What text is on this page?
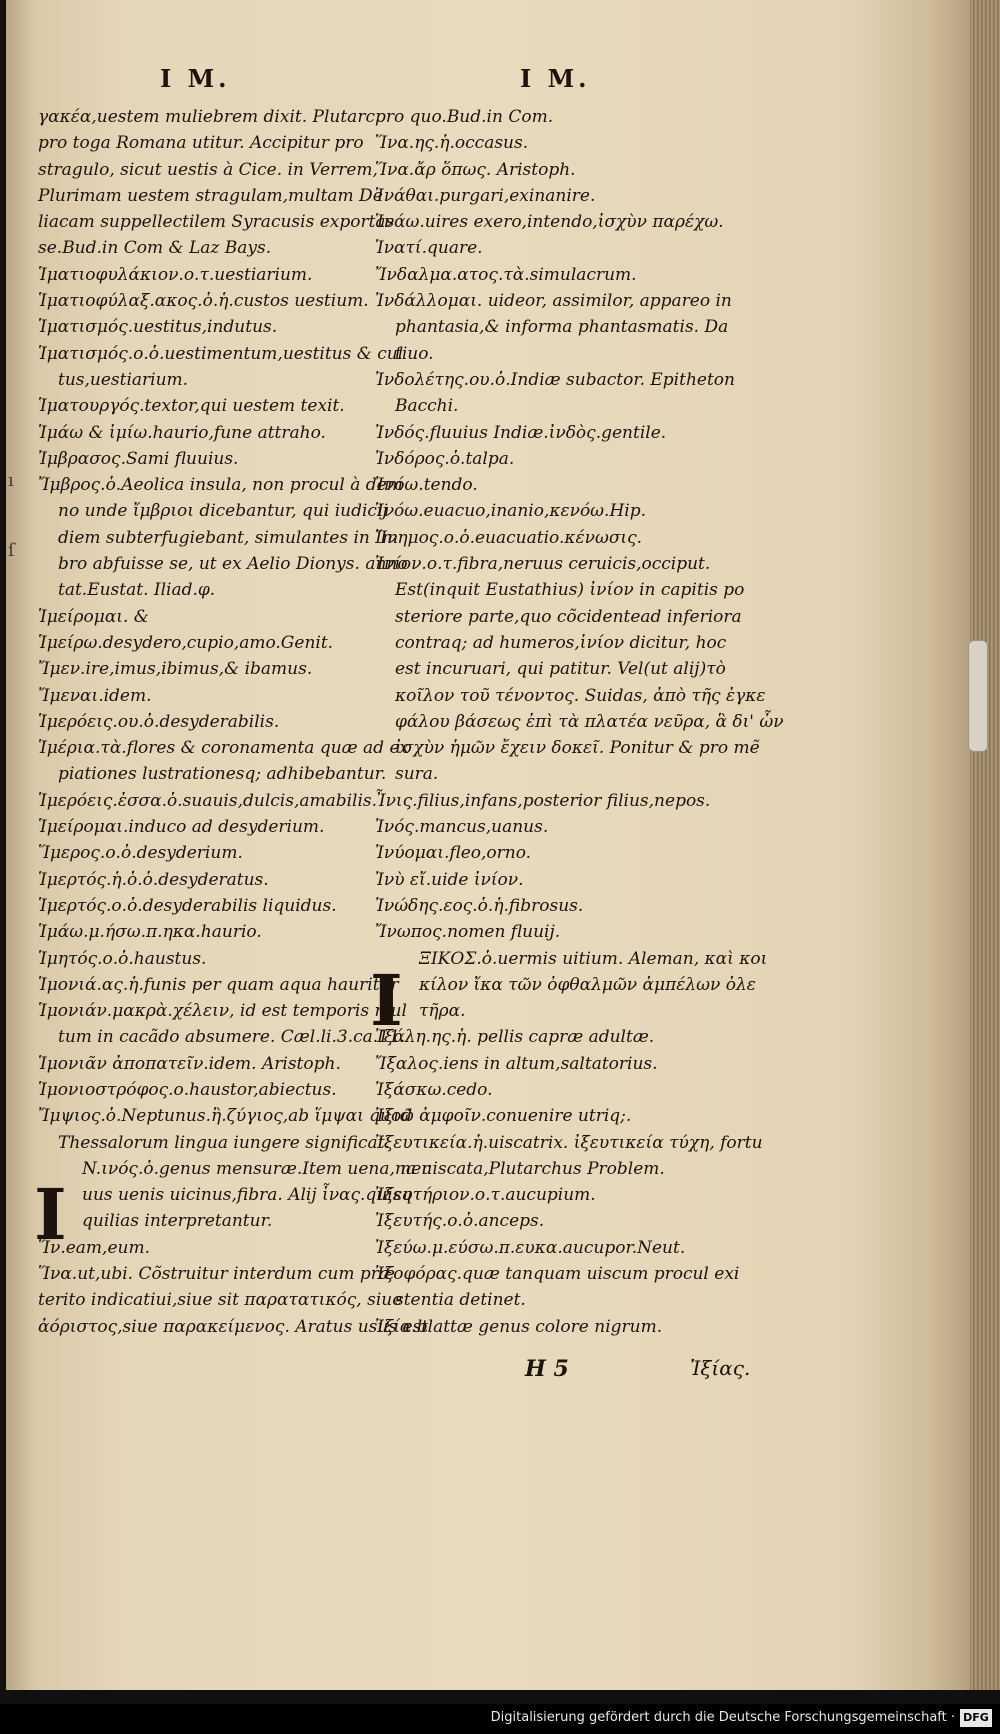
ı
ſ
I M.	I M.
γακέα,uestem muliebrem dixit. Plutarc.
pro toga Romana utitur. Accipitur pro
stragulo, sicut uestis à Cice. in Verrem,
Plurimam uestem stragulam,multam De
liacam suppellectilem Syracusis exportas
se.Bud.in Com & Laz Bays.
Ἱματιοφυλάκιον.ο.τ.uestiarium.
Ἱματιοφύλαξ.ακος.ὁ.ἡ.custos uestium.
Ἱματισμός.uestitus,indutus.
Ἱματισμός.ο.ὁ.uestimentum,uestitus & cul
tus,uestiarium.
Ἱματουργός.textor,qui uestem texit.
Ἱμάω & ἱμίω.haurio,fune attraho.
Ἰμβρασος.Sami fluuius.
Ἴμβρος.ὁ.Aeolica insula, non procul à dem
no unde ἴμβριοι dicebantur, qui iudicij
diem subterfugiebant, simulantes in Im
bro abfuisse se, ut ex Aelio Dionys. anno
tat.Eustat. Iliad.φ.
Ἱμείρομαι. &
Ἱμείρω.desydero,cupio,amo.Genit.
Ἴμεν.ire,imus,ibimus,& ibamus.
Ἴμεναι.idem.
Ἱμερόεις.ου.ὁ.desyderabilis.
Ἱμέρια.τὰ.flores & coronamenta quæ ad ex
piationes lustrationesq; adhibebantur.
Ἱμερόεις.ἐσσα.ὁ.suauis,dulcis,amabilis.
Ἱμείρομαι.induco ad desyderium.
Ἵμερος.ο.ὁ.desyderium.
Ἱμερτός.ἡ.ὁ.ὁ.desyderatus.
Ἱμερτός.ο.ὁ.desyderabilis liquidus.
Ἱμάω.μ.ήσω.π.ηκα.haurio.
Ἱμητός.ο.ὁ.haustus.
Ἱμονιά.ας.ἡ.funis per quam aqua hauritur
Ἱμονιάν.μακρὰ.χέλειν, id est temporis mul
tum in cacãdo absumere. Cæl.li.3.ca.11.
Ἱμονιᾶν ἀποπατεῖν.idem. Aristoph.
Ἱμονιοστρόφος.ο.haustor,abiectus.
Ἴμψιος.ὁ.Neptunus.ἢ.ζύγιος,ab ἵμψαι quod
Thessalorum lingua iungere significat.
N.ινός.ὁ.genus mensuræ.Item uena, ner
uus uenis uicinus,fibra. Alij ἶνας.quisq
quilias interpretantur.
Ἵν.eam,eum.
Ἵνα.ut,ubi. Cõstruitur interdum cum præ
terito indicatiui,siue sit παρατατικός, siue
ἀόριστος,siue παρακείμενος. Aratus usus est
pro quo.Bud.in Com.
Ἵνα.ης.ἡ.occasus.
Ἵνα.ἄρ ὅπως. Aristoph.
Ἱνάθαι.purgari,exinanire.
Ἱνάω.uires exero,intendo,ἰσχὺν παρέχω.
Ἱνατί.quare.
Ἴνδαλμα.ατος.τὰ.simulacrum.
Ἰνδάλλομαι. uideor, assimilor, appareo in
phantasia,& informa phantasmatis. Da
tiuo.
Ἰνδολέτης.ου.ὁ.Indiæ subactor. Epitheton
Bacchi.
Ἰνδός.fluuius Indiæ.ἰνδὸς.gentile.
Ἰνδόρος.ὁ.talpa.
Ἰνόω.tendo.
Ἱνόω.euacuo,inanio,κενόω.Hip.
Ἵνημος.ο.ὁ.euacuatio.κένωσις.
Ἰνίον.ο.τ.fibra,neruus ceruicis,occiput.
Est(inquit Eustathius) ἰνίον in capitis po
steriore parte,quo cõcidentead inferiora
contraq; ad humeros,ἰνίον dicitur, hoc
est incuruari, qui patitur. Vel(ut alij)τὸ
κοῖλον τοῦ τένοντος. Suidas, ἀπὸ τῆς ἐγκε
φάλου βάσεως ἐπὶ τὰ πλατέα νεῦρα, ἃ δι' ὧν
ἰσχὺν ἡμῶν ἔχειν δοκεῖ. Ponitur & pro mẽ
sura.
Ἶνις.filius,infans,posterior filius,nepos.
Ἰνός.mancus,uanus.
Ἰνύομαι.fleo,orno.
Ἰνὺ εἴ.uide ἰνίον.
Ἰνώδης.εος.ὁ.ἡ.fibrosus.
Ἴνωπος.nomen fluuij.
ΞΙΚΟΣ.ὁ.uermis uitium. Aleman, καὶ κοι
κίλον ἴκα τῶν ὀφθαλμῶν ἀμπέλων ὀλε
τῆρα.
Ἰξάλη.ης.ἡ. pellis capræ adultæ.
Ἴξαλος.iens in altum,saltatorius.
Ἰξάσκω.cedo.
Ἰξιῶ ἀμφοῖν.conuenire utriq;.
Ἰξευτικεία.ἡ.uiscatrix. ἰξευτικεία τύχη, fortu
na uiscata,Plutarchus Problem.
Ἰξευτήριον.ο.τ.aucupium.
Ἰξευτής.ο.ὁ.anceps.
Ἰξεύω.μ.εύσω.π.ευκα.aucupor.Neut.
Ἰξοφόρας.quæ tanquam uiscum procul exi
stentia detinet.
Ἰξία.blattæ genus colore nigrum.
I
I
H 5	Ἰξίας.
Digitalisierung gefördert durch die Deutsche Forschungsgemeinschaft · DFG
